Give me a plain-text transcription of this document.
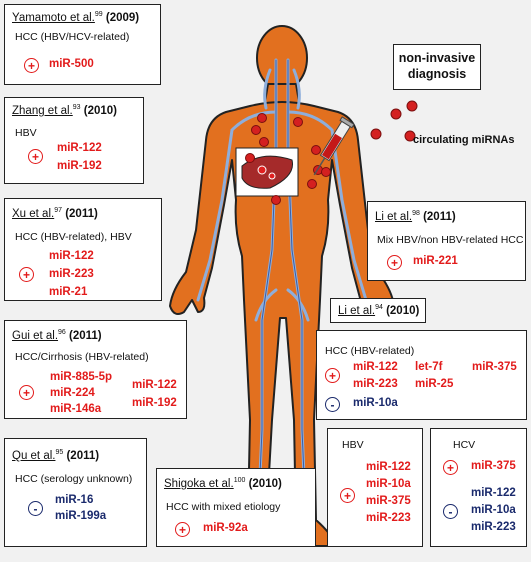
non-invasive
diagnosis
circulating miRNAs
Yamamoto et al.$^{99}$ (2009)
HCC (HBV/HCV-related)
+	miR-500
Zhang et al.$^{93}$ (2010)
HBV
+
miR-122
miR-192
Xu et al.$^{97}$ (2011)
HCC (HBV-related), HBV
+
miR-122
miR-223
miR-21
Gui et al.$^{96}$ (2011)
HCC/Cirrhosis (HBV-related)
+
miR-885-5p
miR-224
miR-146a
miR-122
miR-192
Qu et al.$^{95}$ (2011)
HCC (serology unknown)
-
miR-16
miR-199a
Shigoka et al.$^{100}$ (2010)
HCC with mixed etiology
+	miR-92a
Li et al.$^{98}$ (2011)
Mix HBV/non HBV-related HCC
+	miR-221
Li et al.$^{94}$ (2010)
HCC (HBV-related)
+
miR-122
miR-223
let-7f
miR-25
miR-375
-	miR-10a
HBV
+
miR-122
miR-10a
miR-375
miR-223
HCV
+	miR-375
-
miR-122
miR-10a
miR-223
